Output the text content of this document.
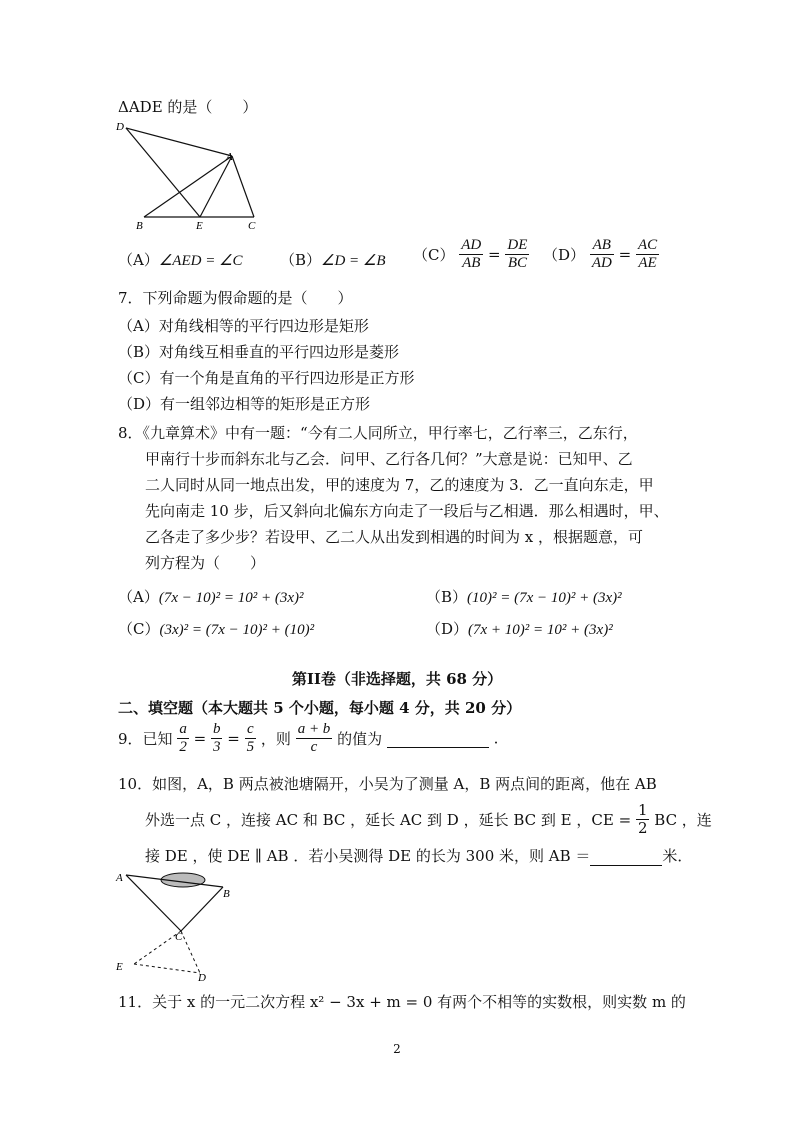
ΔADE 的是（　　）
D
A
B	E	C
（A）∠AED = ∠C （B）∠D = ∠B $(C) \frac{AD}{AB} = \frac{DE}{BC} (D) \frac{AB}{AD} = \frac{AC}{AE}$
7．下列命题为假命题的是（　　）
（A）对角线相等的平行四边形是矩形
（B）对角线互相垂直的平行四边形是菱形
（C）有一个角是直角的平行四边形是正方形
（D）有一组邻边相等的矩形是正方形
8．《九章算术》中有一题：“今有二人同所立，甲行率七，乙行率三，乙东行，
甲南行十步而斜东北与乙会．问甲、乙行各几何？”大意是说：已知甲、乙
二人同时从同一地点出发，甲的速度为 7，乙的速度为 3．乙一直向东走，甲
先向南走 10 步，后又斜向北偏东方向走了一段后与乙相遇．那么相遇时，甲、
乙各走了多少步？若设甲、乙二人从出发到相遇的时间为 x ，根据题意，可
列方程为（　　）
（A）(7x − 10)² = 10² + (3x)²	（B）(10)² = (7x − 10)² + (3x)²
（C）(3x)² = (7x − 10)² + (10)²	（D）(7x + 10)² = 10² + (3x)²
第II卷（非选择题，共 68 分）
二、填空题（本大题共 5 个小题，每小题 4 分，共 20 分）
9．已知 $\frac{a}{2} = \frac{b}{3} = \frac{c}{5}$ ，则 $\frac{a + b}{c}$ 的值为	.
10．如图，A，B 两点被池塘隔开，小吴为了测量 A，B 两点间的距离，他在 AB
外选一点 C ，连接 AC 和 BC ，延长 AC 到 D ，延长 BC 到 E ，CE = $\frac{1}{2}$ BC ，连
接 DE ，使 DE ∥ AB ．若小吴测得 DE 的长为 300 米，则 AB ＝	米．
A
B
C
E
D
11．关于 x 的一元二次方程 x² − 3x + m = 0 有两个不相等的实数根，则实数 m 的
2
